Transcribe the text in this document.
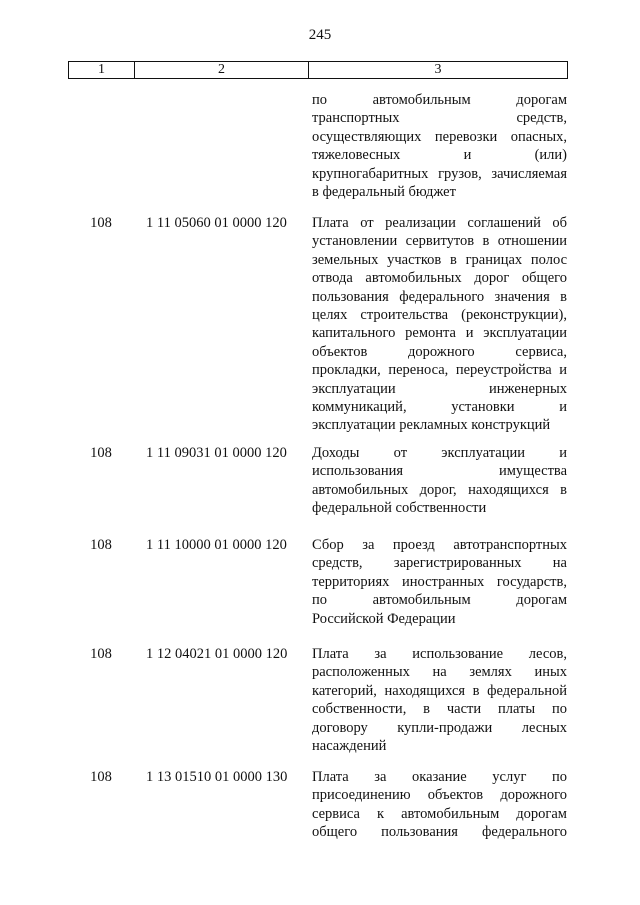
245
1	2	3
по автомобильным дорогам
транспортных средств,
осуществляющих перевозки опасных,
тяжеловесных и (или)
крупногабаритных грузов, зачисляемая
в федеральный бюджет
108	1 11 05060 01 0000 120	Плата от реализации соглашений об
установлении сервитутов в отношении
земельных участков в границах полос
отвода автомобильных дорог общего
пользования федерального значения в
целях строительства (реконструкции),
капитального ремонта и эксплуатации
объектов дорожного сервиса,
прокладки, переноса, переустройства и
эксплуатации инженерных
коммуникаций, установки и
эксплуатации рекламных конструкций
108	1 11 09031 01 0000 120	Доходы от эксплуатации и
использования имущества
автомобильных дорог, находящихся в
федеральной собственности
108	1 11 10000 01 0000 120	Сбор за проезд автотранспортных
средств, зарегистрированных на
территориях иностранных государств,
по автомобильным дорогам
Российской Федерации
108	1 12 04021 01 0000 120	Плата за использование лесов,
расположенных на землях иных
категорий, находящихся в федеральной
собственности, в части платы по
договору купли-продажи лесных
насаждений
108	1 13 01510 01 0000 130	Плата за оказание услуг по
присоединению объектов дорожного
сервиса к автомобильным дорогам
общего пользования федерального
